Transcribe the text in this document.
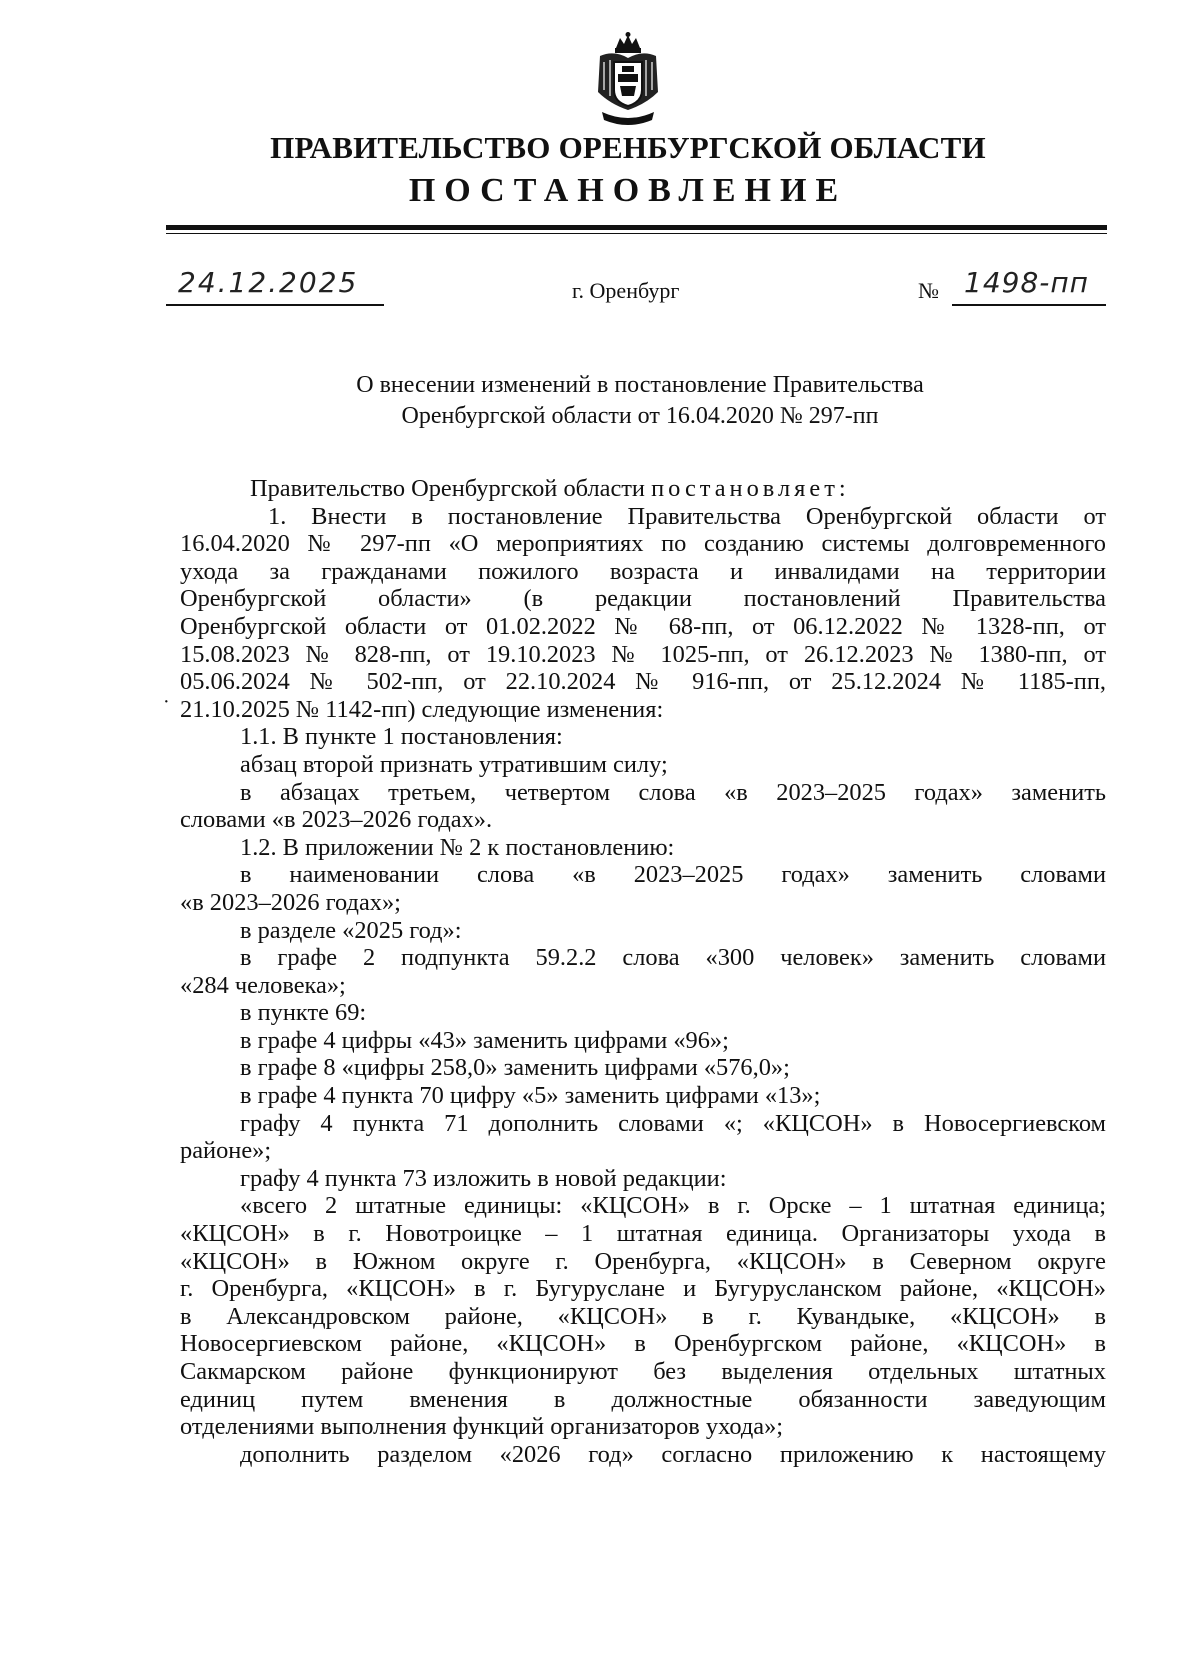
ПРАВИТЕЛЬСТВО ОРЕНБУРГСКОЙ ОБЛАСТИ
ПОСТАНОВЛЕНИЕ
24.12.2025	г. Оренбург	№ 1498-пп
О внесении изменений в постановление Правительства
Оренбургской области от 16.04.2020 № 297-пп
·
Правительство Оренбургской области постановляет:
1. Внести в постановление Правительства Оренбургской области от
16.04.2020 № 297-пп «О мероприятиях по созданию системы долговременного
ухода за гражданами пожилого возраста и инвалидами на территории
Оренбургской области» (в редакции постановлений Правительства
Оренбургской области от 01.02.2022 № 68-пп, от 06.12.2022 № 1328-пп, от
15.08.2023 № 828-пп, от 19.10.2023 № 1025-пп, от 26.12.2023 № 1380-пп, от
05.06.2024 № 502-пп, от 22.10.2024 № 916-пп, от 25.12.2024 № 1185-пп,
21.10.2025 № 1142-пп) следующие изменения:
1.1. В пункте 1 постановления:
абзац второй признать утратившим силу;
в абзацах третьем, четвертом слова «в 2023–2025 годах» заменить
словами «в 2023–2026 годах».
1.2. В приложении № 2 к постановлению:
в наименовании слова «в 2023–2025 годах» заменить словами
«в 2023–2026 годах»;
в разделе «2025 год»:
в графе 2 подпункта 59.2.2 слова «300 человек» заменить словами
«284 человека»;
в пункте 69:
в графе 4 цифры «43» заменить цифрами «96»;
в графе 8 «цифры 258,0» заменить цифрами «576,0»;
в графе 4 пункта 70 цифру «5» заменить цифрами «13»;
графу 4 пункта 71 дополнить словами «; «КЦСОН» в Новосергиевском
районе»;
графу 4 пункта 73 изложить в новой редакции:
«всего 2 штатные единицы: «КЦСОН» в г. Орске – 1 штатная единица;
«КЦСОН» в г. Новотроицке – 1 штатная единица. Организаторы ухода в
«КЦСОН» в Южном округе г. Оренбурга, «КЦСОН» в Северном округе
г. Оренбурга, «КЦСОН» в г. Бугуруслане и Бугурусланском районе, «КЦСОН»
в Александровском районе, «КЦСОН» в г. Кувандыке, «КЦСОН» в
Новосергиевском районе, «КЦСОН» в Оренбургском районе, «КЦСОН» в
Сакмарском районе функционируют без выделения отдельных штатных
единиц путем вменения в должностные обязанности заведующим
отделениями выполнения функций организаторов ухода»;
дополнить разделом «2026 год» согласно приложению к настоящему
